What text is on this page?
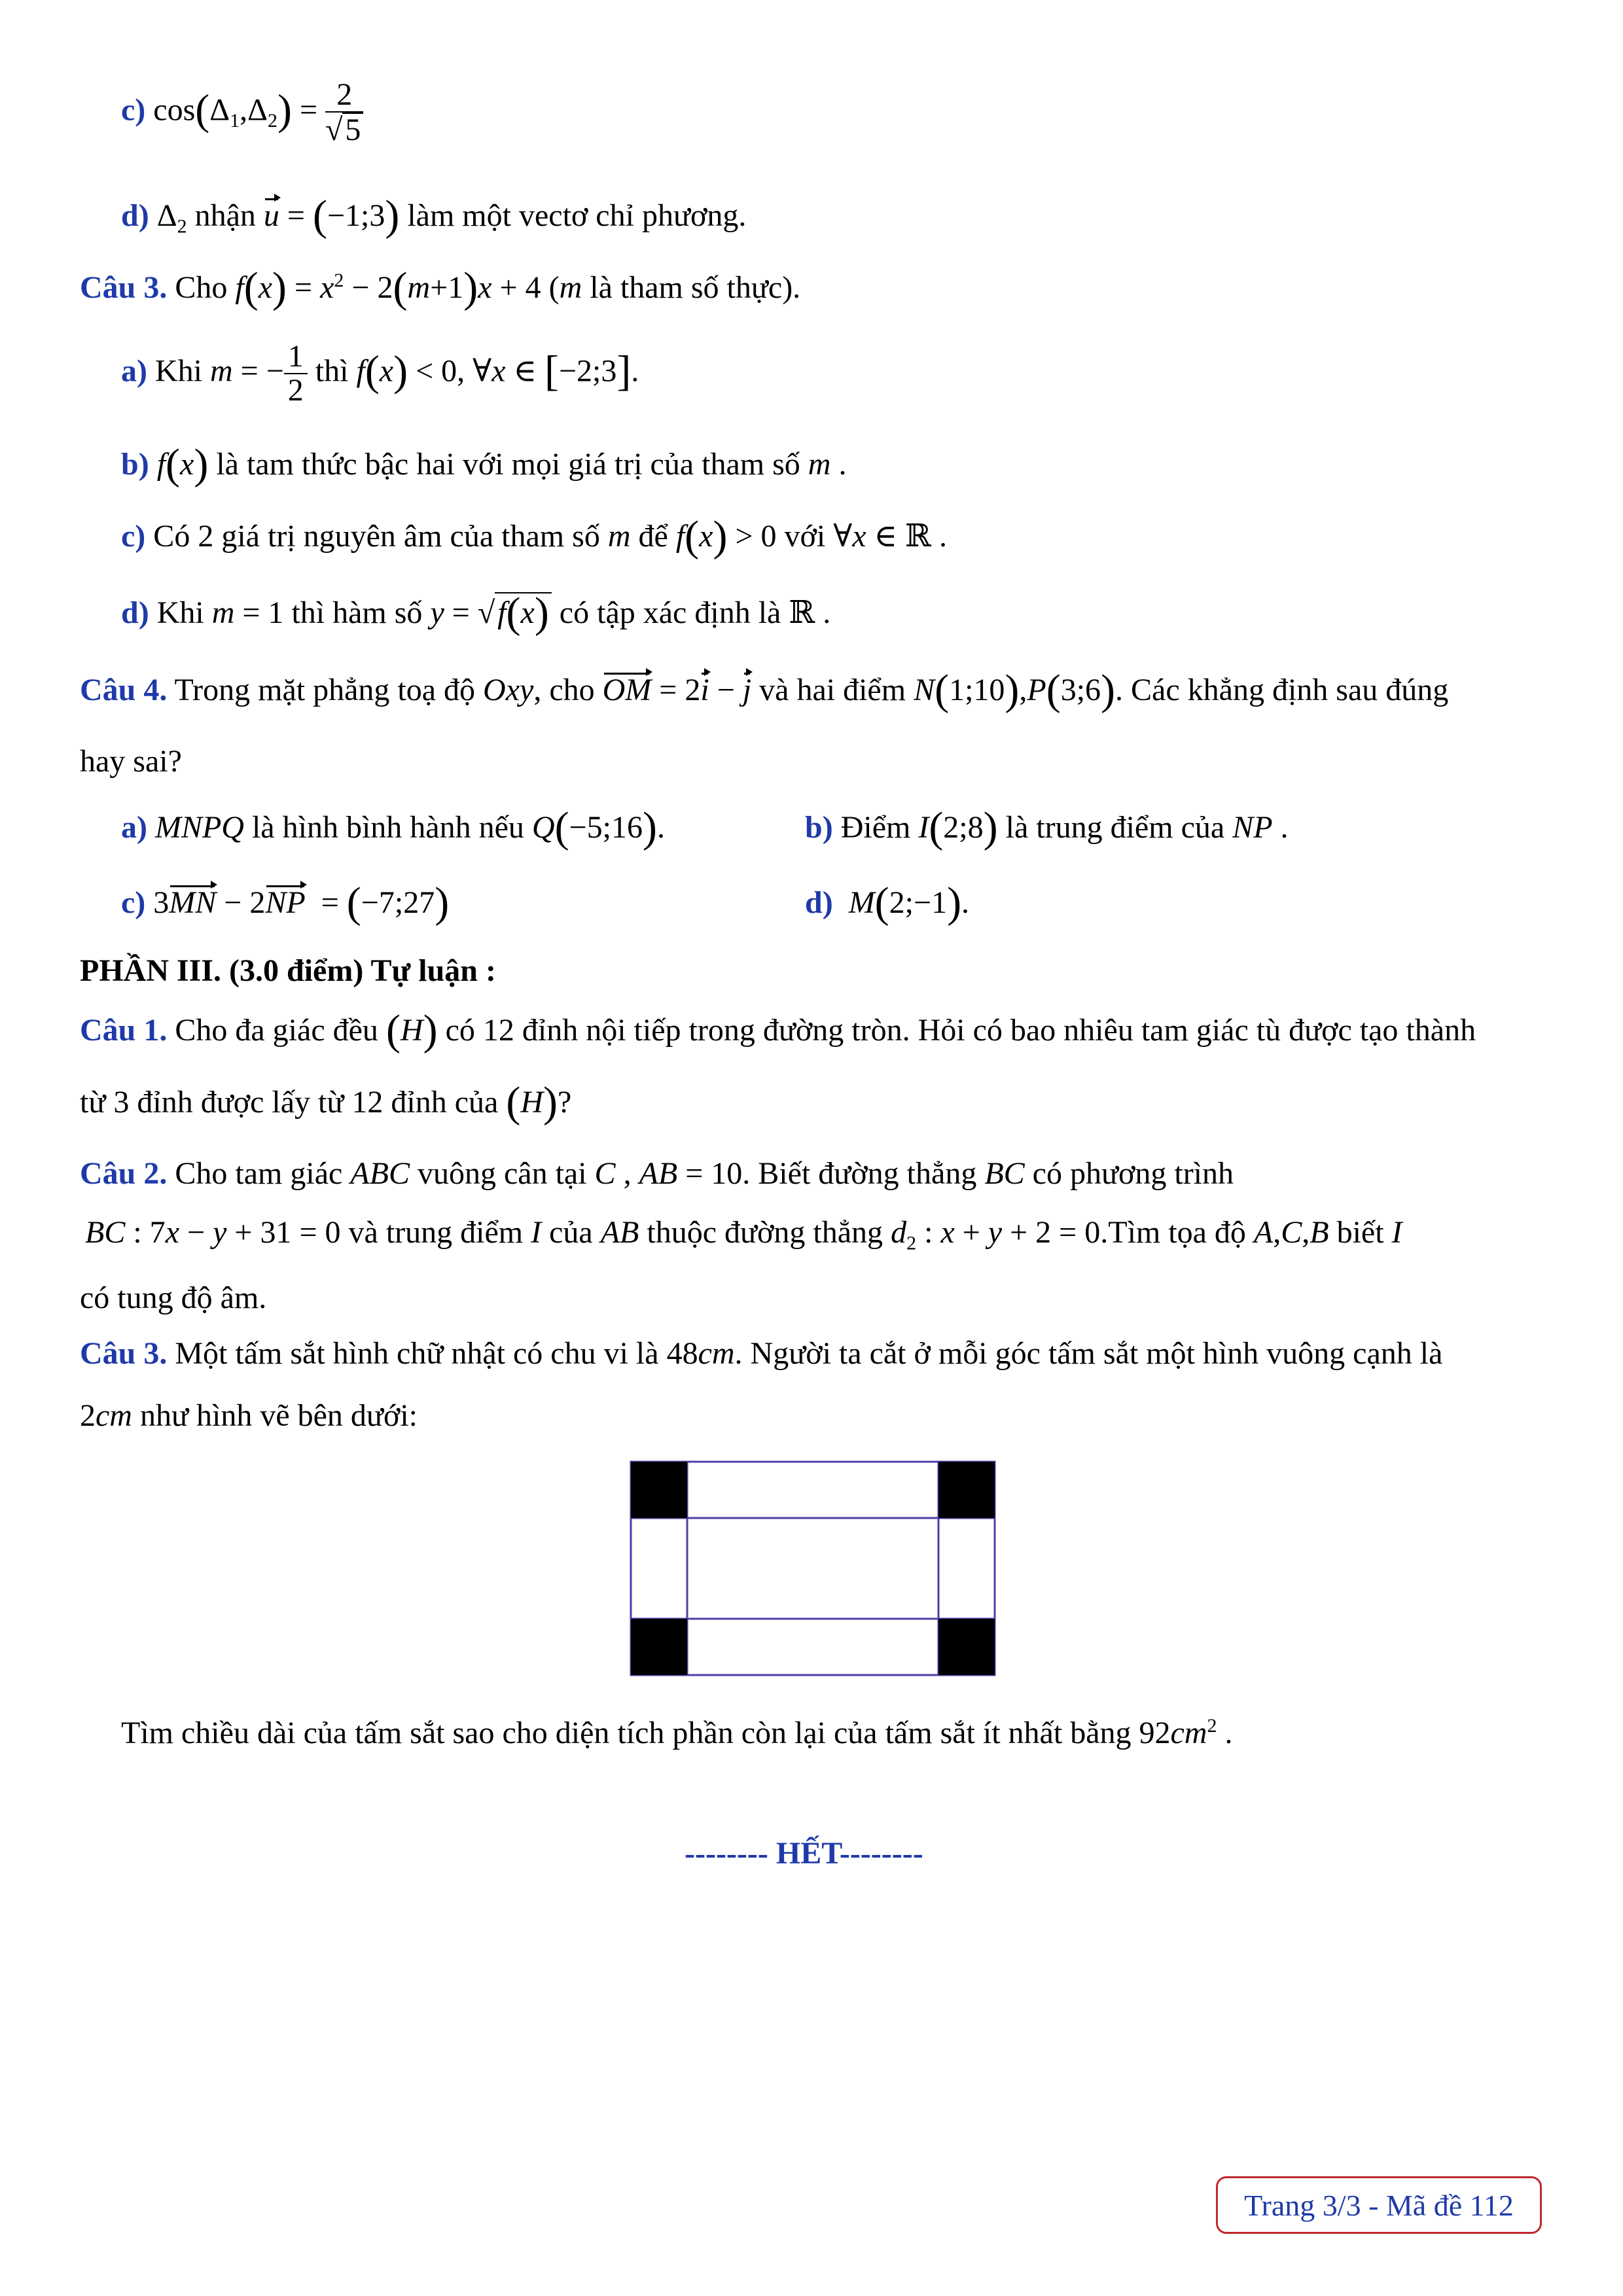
c) $\cos(\Delta_1,\Delta_2) = \frac{2}{√5}$
d) $\Delta_2$ nhận u = (−1;3) làm một vectơ chỉ phương.
Câu 3. Cho $f(x) = x^2 - 2(m+1)x + 4$ (m là tham số thực).
a) Khi m = − $\frac{1}{2}$ thì f(x) < 0, ∀x ∈ [−2;3].
b) f(x) là tam thức bậc hai với mọi giá trị của tham số m .
c) Có 2 giá trị nguyên âm của tham số m để f(x) > 0 với ∀x ∈ ℝ .
d) Khi m = 1 thì hàm số y = √f(x) có tập xác định là ℝ .
Câu 4. Trong mặt phẳng toạ độ Oxy, cho OM = 2i − j và hai điểm N(1;10),P(3;6). Các khẳng định sau đúng
hay sai?
a) MNPQ là hình bình hành nếu Q(−5;16).	b) Điểm I(2;8) là trung điểm của NP .
c) 3MN − 2NP  = (−7;27)	d) M(2;−1).
PHẦN III. (3.0 điểm) Tự luận :
Câu 1. Cho đa giác đều (H) có 12 đỉnh nội tiếp trong đường tròn. Hỏi có bao nhiêu tam giác tù được tạo thành
từ 3 đỉnh được lấy từ 12 đỉnh của (H)?
Câu 2. Cho tam giác ABC vuông cân tại C , AB = 10. Biết đường thẳng BC có phương trình
BC : 7x − y + 31 = 0 và trung điểm I của AB thuộc đường thẳng $d_2$ : x + y + 2 = 0.Tìm tọa độ A,C,B biết I
có tung độ âm.
Câu 3. Một tấm sắt hình chữ nhật có chu vi là 48cm. Người ta cắt ở mỗi góc tấm sắt một hình vuông cạnh là
2cm như hình vẽ bên dưới:
Tìm chiều dài của tấm sắt sao cho diện tích phần còn lại của tấm sắt ít nhất bằng $92cm^2$ .
-------- HẾT--------
Trang 3/3 - Mã đề 112
